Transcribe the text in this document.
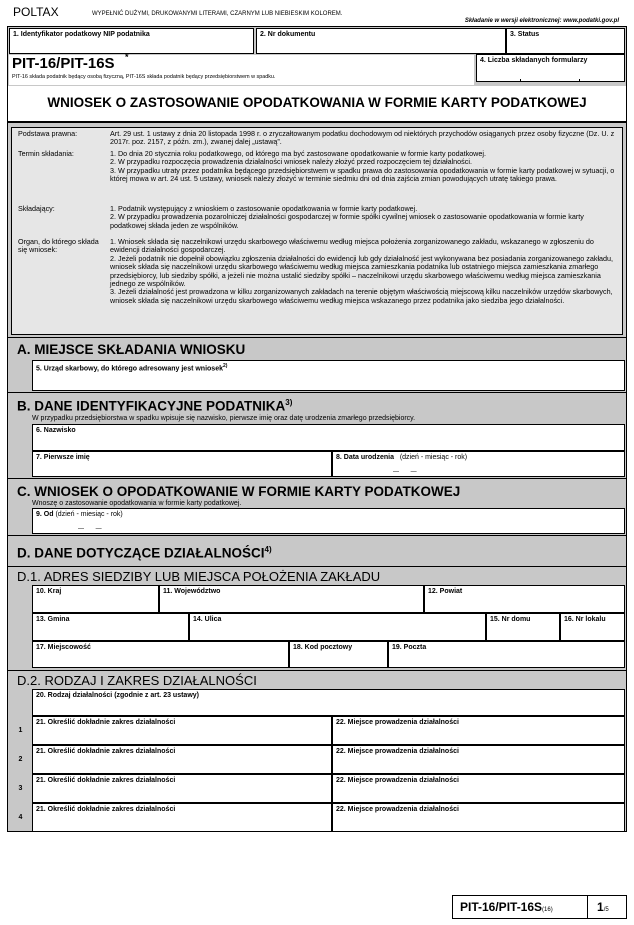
POLTAX	WYPEŁNIĆ DUŻYMI, DRUKOWANYMI LITERAMI, CZARNYM LUB NIEBIESKIM KOLOREM.
Składanie w wersji elektronicznej: www.podatki.gov.pl
1. Identyfikator podatkowy NIP podatnika	2. Nr dokumentu	3. Status
PIT-16/PIT-16S *
PIT-16 składa podatnik będący osobą fizyczną, PIT-16S składa podatnik będący przedsiębiorstwem w spadku.
4. Liczba składanych formularzy
WNIOSEK O ZASTOSOWANIE OPODATKOWANIA W FORMIE KARTY PODATKOWEJ
Podstawa prawna:	Art. 29 ust. 1 ustawy z dnia 20 listopada 1998 r. o zryczałtowanym podatku dochodowym od niektórych przychodów osiąganych przez osoby fizyczne (Dz. U. z 2017r. poz. 2157, z późn. zm.), zwanej dalej „ustawą”.
Termin składania:	1. Do dnia 20 stycznia roku podatkowego, od którego ma być zastosowane opodatkowanie w formie karty podatkowej.
2. W przypadku rozpoczęcia prowadzenia działalności wniosek należy złożyć przed rozpoczęciem tej działalności.
3. W przypadku utraty przez podatnika będącego przedsiębiorstwem w spadku prawa do zastosowania opodatkowania w formie karty podatkowej w sytuacji, o której mowa w art. 24 ust. 5 ustawy, wniosek należy złożyć w terminie siedmiu dni od dnia zajścia zmian powodujących utratę takiego prawa.
Składający:	1. Podatnik występujący z wnioskiem o zastosowanie opodatkowania w formie karty podatkowej.
2. W przypadku prowadzenia pozarolniczej działalności gospodarczej w formie spółki cywilnej wniosek o zastosowanie opodatkowania w formie karty podatkowej składa jeden ze wspólników.
Organ, do którego składa się wniosek:
1. Wniosek składa się naczelnikowi urzędu skarbowego właściwemu według miejsca położenia zorganizowanego zakładu, wskazanego w zgłoszeniu do ewidencji działalności gospodarczej.
2. Jeżeli podatnik nie dopełnił obowiązku zgłoszenia działalności do ewidencji lub gdy działalność jest wykonywana bez posiadania zorganizowanego zakładu, wniosek składa się naczelnikowi urzędu skarbowego właściwemu według miejsca zamieszkania podatnika lub ostatniego miejsca zamieszkania zmarłego przedsiębiorcy, lub siedziby spółki, a jeżeli nie można ustalić siedziby spółki – naczelnikowi urzędu skarbowego właściwemu według miejsca zamieszkania jednego ze wspólników.
3. Jeżeli działalność jest prowadzona w kilku zorganizowanych zakładach na terenie objętym właściwością miejscową kilku naczelników urzędów skarbowych, wniosek składa się naczelnikowi urzędu skarbowego właściwemu według miejsca wskazanego przez podatnika jako siedziba jego działalności.
A. MIEJSCE SKŁADANIA WNIOSKU
5. Urząd skarbowy, do którego adresowany jest wniosek$^{2)}$
B. DANE IDENTYFIKACYJNE PODATNIKA$^{3)}$
W przypadku przedsiębiorstwa w spadku wpisuje się nazwisko, pierwsze imię oraz datę urodzenia zmarłego przedsiębiorcy.
6. Nazwisko
7. Pierwsze imię	8. Data urodzenia (dzień - miesiąc - rok)
—       —
C. WNIOSEK O OPODATKOWANIE W FORMIE KARTY PODATKOWEJ
Wnoszę o zastosowanie opodatkowania w formie karty podatkowej.
9. Od (dzień - miesiąc - rok)
—       —
D. DANE DOTYCZĄCE DZIAŁALNOŚCI$^{4)}$
D.1. ADRES SIEDZIBY LUB MIEJSCA POŁOŻENIA ZAKŁADU
10. Kraj	11. Województwo	12. Powiat
13. Gmina	14. Ulica	15. Nr domu	16. Nr lokalu
17. Miejscowość	18. Kod pocztowy	19. Poczta
D.2. RODZAJ I ZAKRES DZIAŁALNOŚCI
20. Rodzaj działalności (zgodnie z art. 23 ustawy)
1
21. Określić dokładnie zakres działalności	22. Miejsce prowadzenia działalności
2
21. Określić dokładnie zakres działalności	22. Miejsce prowadzenia działalności
3
21. Określić dokładnie zakres działalności	22. Miejsce prowadzenia działalności
4
21. Określić dokładnie zakres działalności	22. Miejsce prowadzenia działalności
PIT-16/PIT-16S(16)	1/5
